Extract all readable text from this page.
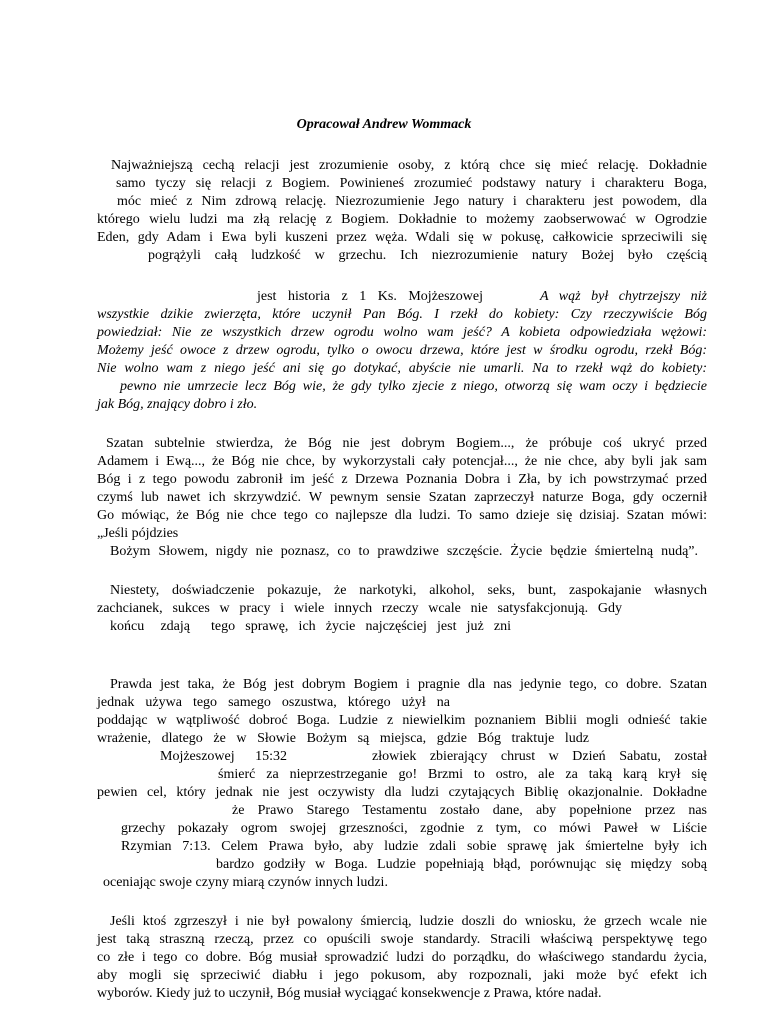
Opracował Andrew Wommack
Najważniejszą cechą relacji jest zrozumienie osoby, z którą chce się mieć relację. Dokładnie
samo tyczy się relacji z Bogiem. Powinieneś zrozumieć podstawy natury i charakteru Boga,
móc mieć z Nim zdrową relację. Niezrozumienie Jego natury i charakteru jest powodem, dla
którego wielu ludzi ma złą relację z Bogiem. Dokładnie to możemy zaobserwować w Ogrodzie
Eden, gdy Adam i Ewa byli kuszeni przez węża. Wdali się w pokusę, całkowicie sprzeciwili się
pogrążyli całą ludzkość w grzechu. Ich niezrozumienie natury Bożej było częścią
jest historia z 1 Ks. Mojżeszowej	A wąż był chytrzejszy niż
wszystkie dzikie zwierzęta, które uczynił Pan Bóg. I rzekł do kobiety: Czy rzeczywiście Bóg
powiedział: Nie ze wszystkich drzew ogrodu wolno wam jeść? A kobieta odpowiedziała wężowi:
Możemy jeść owoce z drzew ogrodu, tylko o owocu drzewa, które jest w środku ogrodu, rzekł Bóg:
Nie wolno wam z niego jeść ani się go dotykać, abyście nie umarli. Na to rzekł wąż do kobiety:
pewno nie umrzecie lecz Bóg wie, że gdy tylko zjecie z niego, otworzą się wam oczy i będziecie
jak Bóg, znający dobro i zło.
Szatan subtelnie stwierdza, że Bóg nie jest dobrym Bogiem..., że próbuje coś ukryć przed
Adamem i Ewą..., że Bóg nie chce, by wykorzystali cały potencjał..., że nie chce, aby byli jak sam
Bóg i z tego powodu zabronił im jeść z Drzewa Poznania Dobra i Zła, by ich powstrzymać przed
czymś lub nawet ich skrzywdzić. W pewnym sensie Szatan zaprzeczył naturze Boga, gdy oczernił
Go mówiąc, że Bóg nie chce tego co najlepsze dla ludzi. To samo dzieje się dzisiaj. Szatan mówi:
„Jeśli pójdzies
Bożym Słowem, nigdy nie poznasz, co to prawdziwe szczęście. Życie będzie śmiertelną nudą”.
Niestety, doświadczenie pokazuje, że narkotyki, alkohol, seks, bunt, zaspokajanie własnych
zachcianek, sukces w pracy i wiele innych rzeczy wcale nie satysfakcjonują. Gdy
końcu zdają tego sprawę, ich życie najczęściej jest już zni
Prawda jest taka, że Bóg jest dobrym Bogiem i pragnie dla nas jedynie tego, co dobre. Szatan
jednak używa tego samego oszustwa, którego użył na
poddając w wątpliwość dobroć Boga. Ludzie z niewielkim poznaniem Biblii mogli odnieść takie
wrażenie, dlatego że w Słowie Bożym są miejsca, gdzie Bóg traktuje ludz
Mojżeszowej 15:32	złowiek zbierający chrust w Dzień Sabatu, został
śmierć za nieprzestrzeganie go! Brzmi to ostro, ale za taką karą krył się
pewien cel, który jednak nie jest oczywisty dla ludzi czytających Biblię okazjonalnie. Dokładne
że Prawo Starego Testamentu zostało dane, aby popełnione przez nas
grzechy pokazały ogrom swojej grzeszności, zgodnie z tym, co mówi Paweł w Liście
Rzymian 7:13. Celem Prawa było, aby ludzie zdali sobie sprawę jak śmiertelne były ich
bardzo godziły w Boga. Ludzie popełniają błąd, porównując się między sobą
oceniając swoje czyny miarą czynów innych ludzi.
Jeśli ktoś zgrzeszył i nie był powalony śmiercią, ludzie doszli do wniosku, że grzech wcale nie
jest taką straszną rzeczą, przez co opuścili swoje standardy. Stracili właściwą perspektywę tego
co złe i tego co dobre. Bóg musiał sprowadzić ludzi do porządku, do właściwego standardu życia,
aby mogli się sprzeciwić diabłu i jego pokusom, aby rozpoznali, jaki może być efekt ich
wyborów. Kiedy już to uczynił, Bóg musiał wyciągać konsekwencje z Prawa, które nadał.
